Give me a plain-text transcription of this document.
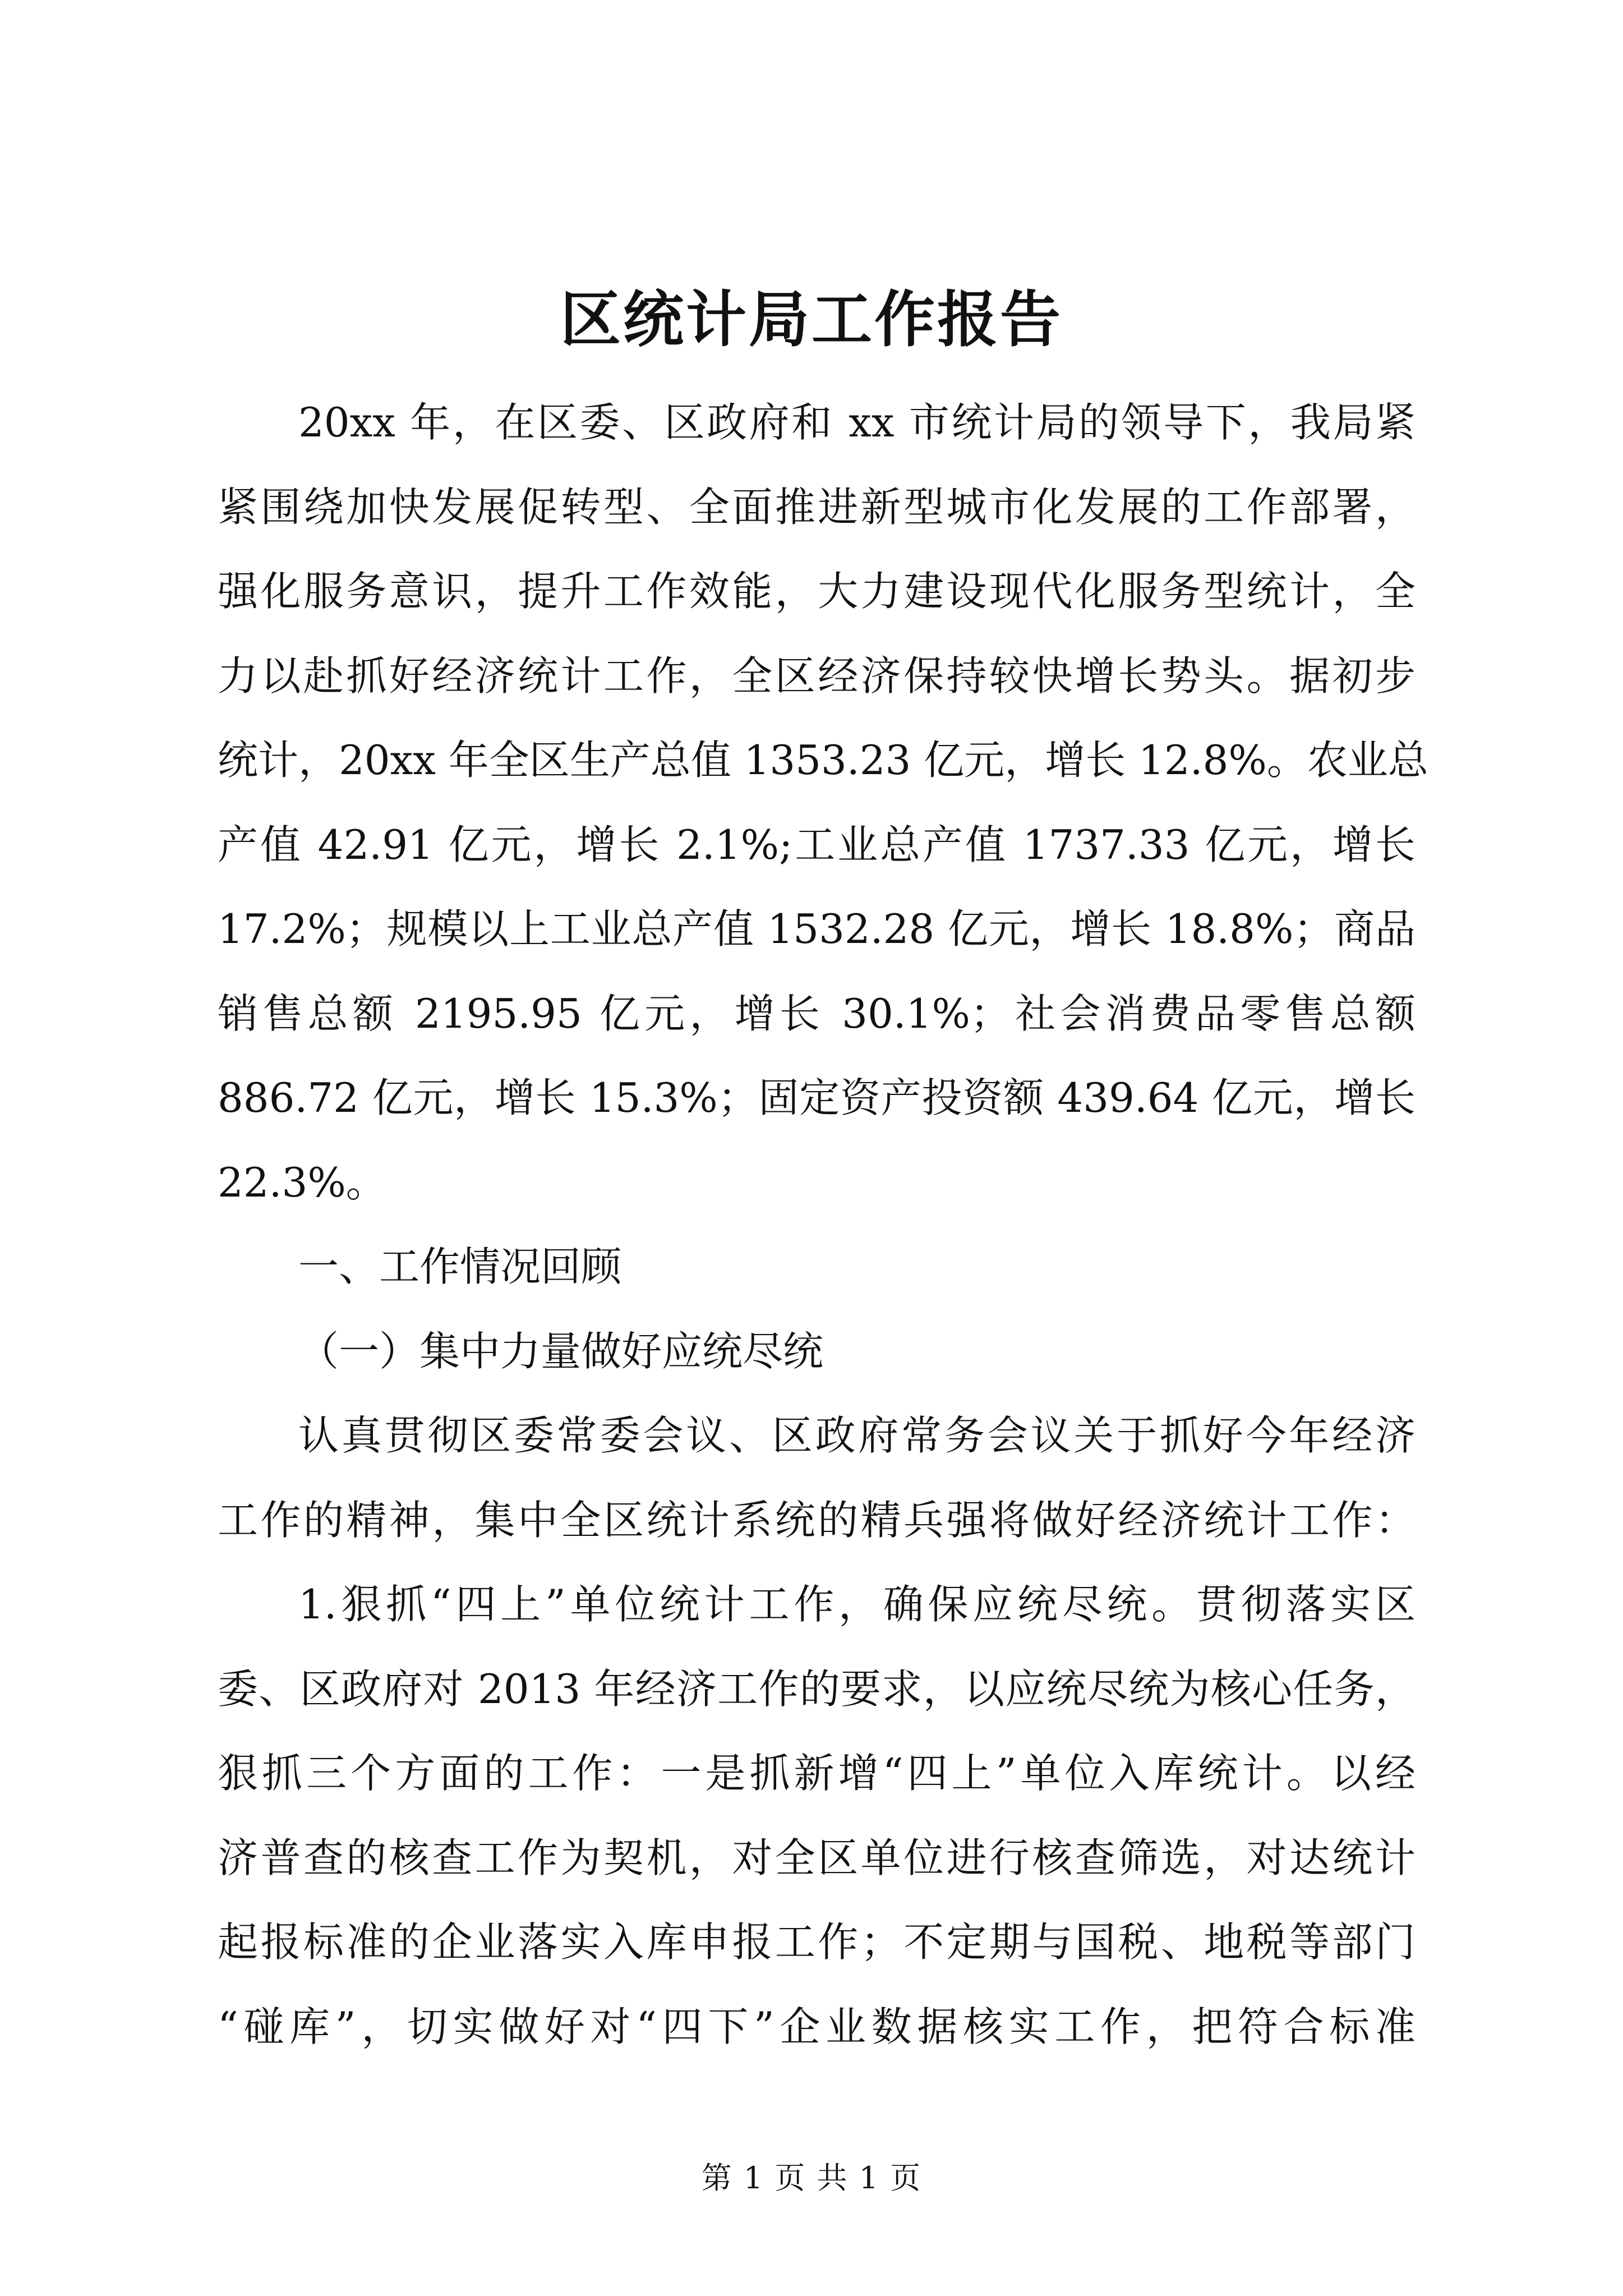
区统计局工作报告

20xx 年，在区委、区政府和 xx 市统计局的领导下，我局紧
紧围绕加快发展促转型、全面推进新型城市化发展的工作部署，
强化服务意识，提升工作效能，大力建设现代化服务型统计，全
力以赴抓好经济统计工作，全区经济保持较快增长势头。据初步
统计，20xx 年全区生产总值 1353.23 亿元，增长 12.8%。农业总
产值 42.91 亿元，增长 2.1%;工业总产值 1737.33 亿元，增长
17.2%；规模以上工业总产值 1532.28 亿元，增长 18.8%；商品
销售总额 2195.95 亿元，增长 30.1%；社会消费品零售总额
886.72 亿元，增长 15.3%；固定资产投资额 439.64 亿元，增长
22.3%。

一、工作情况回顾

（一）集中力量做好应统尽统

认真贯彻区委常委会议、区政府常务会议关于抓好今年经济
工作的精神，集中全区统计系统的精兵强将做好经济统计工作：

1.狠抓“四上”单位统计工作，确保应统尽统。贯彻落实区
委、区政府对 2013 年经济工作的要求，以应统尽统为核心任务，
狠抓三个方面的工作：一是抓新增“四上”单位入库统计。以经
济普查的核查工作为契机，对全区单位进行核查筛选，对达统计
起报标准的企业落实入库申报工作；不定期与国税、地税等部门
“碰库”，切实做好对“四下”企业数据核实工作，把符合标准

第 1 页 共 1 页
